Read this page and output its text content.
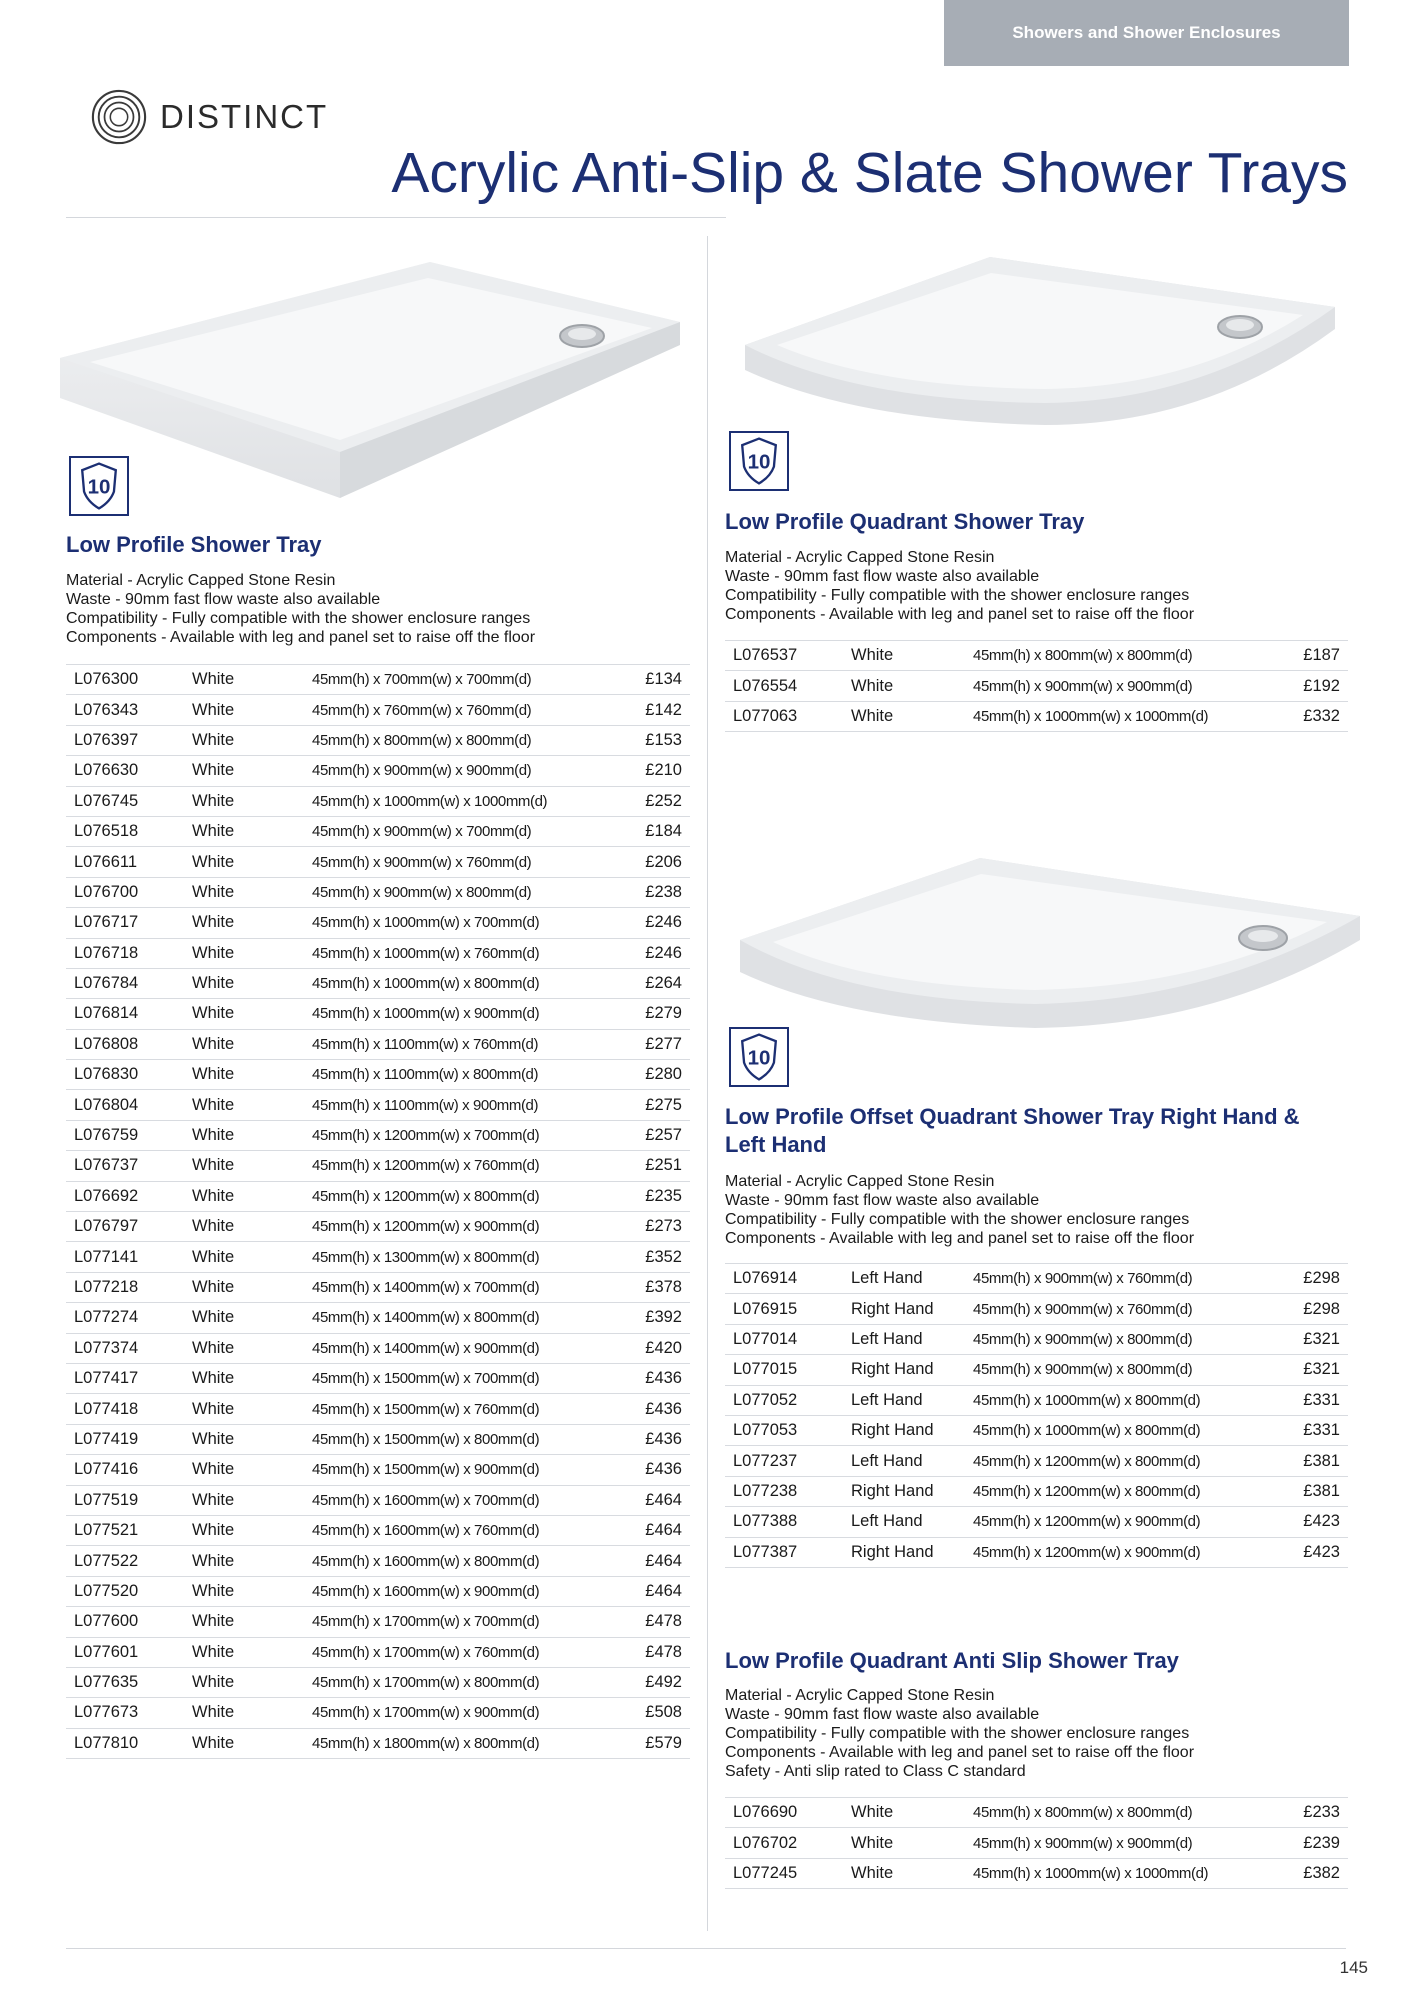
Showers and Shower Enclosures
DISTINCT
Acrylic Anti-Slip & Slate Shower Trays
10
Low Profile Shower Tray
Material - Acrylic Capped Stone Resin
Waste - 90mm fast flow waste also available
Compatibility - Fully compatible with the shower enclosure ranges
Components - Available with leg and panel set to raise off the floor
L076300	White	45mm(h) x 700mm(w) x 700mm(d)	£134
L076343	White	45mm(h) x 760mm(w) x 760mm(d)	£142
L076397	White	45mm(h) x 800mm(w) x 800mm(d)	£153
L076630	White	45mm(h) x 900mm(w) x 900mm(d)	£210
L076745	White	45mm(h) x 1000mm(w) x 1000mm(d)	£252
L076518	White	45mm(h) x 900mm(w) x 700mm(d)	£184
L076611	White	45mm(h) x 900mm(w) x 760mm(d)	£206
L076700	White	45mm(h) x 900mm(w) x 800mm(d)	£238
L076717	White	45mm(h) x 1000mm(w) x 700mm(d)	£246
L076718	White	45mm(h) x 1000mm(w) x 760mm(d)	£246
L076784	White	45mm(h) x 1000mm(w) x 800mm(d)	£264
L076814	White	45mm(h) x 1000mm(w) x 900mm(d)	£279
L076808	White	45mm(h) x 1100mm(w) x 760mm(d)	£277
L076830	White	45mm(h) x 1100mm(w) x 800mm(d)	£280
L076804	White	45mm(h) x 1100mm(w) x 900mm(d)	£275
L076759	White	45mm(h) x 1200mm(w) x 700mm(d)	£257
L076737	White	45mm(h) x 1200mm(w) x 760mm(d)	£251
L076692	White	45mm(h) x 1200mm(w) x 800mm(d)	£235
L076797	White	45mm(h) x 1200mm(w) x 900mm(d)	£273
L077141	White	45mm(h) x 1300mm(w) x 800mm(d)	£352
L077218	White	45mm(h) x 1400mm(w) x 700mm(d)	£378
L077274	White	45mm(h) x 1400mm(w) x 800mm(d)	£392
L077374	White	45mm(h) x 1400mm(w) x 900mm(d)	£420
L077417	White	45mm(h) x 1500mm(w) x 700mm(d)	£436
L077418	White	45mm(h) x 1500mm(w) x 760mm(d)	£436
L077419	White	45mm(h) x 1500mm(w) x 800mm(d)	£436
L077416	White	45mm(h) x 1500mm(w) x 900mm(d)	£436
L077519	White	45mm(h) x 1600mm(w) x 700mm(d)	£464
L077521	White	45mm(h) x 1600mm(w) x 760mm(d)	£464
L077522	White	45mm(h) x 1600mm(w) x 800mm(d)	£464
L077520	White	45mm(h) x 1600mm(w) x 900mm(d)	£464
L077600	White	45mm(h) x 1700mm(w) x 700mm(d)	£478
L077601	White	45mm(h) x 1700mm(w) x 760mm(d)	£478
L077635	White	45mm(h) x 1700mm(w) x 800mm(d)	£492
L077673	White	45mm(h) x 1700mm(w) x 900mm(d)	£508
L077810	White	45mm(h) x 1800mm(w) x 800mm(d)	£579
10
Low Profile Quadrant Shower Tray
Material - Acrylic Capped Stone Resin
Waste - 90mm fast flow waste also available
Compatibility - Fully compatible with the shower enclosure ranges
Components - Available with leg and panel set to raise off the floor
L076537	White	45mm(h) x 800mm(w) x 800mm(d)	£187
L076554	White	45mm(h) x 900mm(w) x 900mm(d)	£192
L077063	White	45mm(h) x 1000mm(w) x 1000mm(d)	£332
10
Low Profile Offset Quadrant Shower Tray Right Hand & Left Hand
Material - Acrylic Capped Stone Resin
Waste - 90mm fast flow waste also available
Compatibility - Fully compatible with the shower enclosure ranges
Components - Available with leg and panel set to raise off the floor
L076914	Left Hand	45mm(h) x 900mm(w) x 760mm(d)	£298
L076915	Right Hand	45mm(h) x 900mm(w) x 760mm(d)	£298
L077014	Left Hand	45mm(h) x 900mm(w) x 800mm(d)	£321
L077015	Right Hand	45mm(h) x 900mm(w) x 800mm(d)	£321
L077052	Left Hand	45mm(h) x 1000mm(w) x 800mm(d)	£331
L077053	Right Hand	45mm(h) x 1000mm(w) x 800mm(d)	£331
L077237	Left Hand	45mm(h) x 1200mm(w) x 800mm(d)	£381
L077238	Right Hand	45mm(h) x 1200mm(w) x 800mm(d)	£381
L077388	Left Hand	45mm(h) x 1200mm(w) x 900mm(d)	£423
L077387	Right Hand	45mm(h) x 1200mm(w) x 900mm(d)	£423
Low Profile Quadrant Anti Slip Shower Tray
Material - Acrylic Capped Stone Resin
Waste - 90mm fast flow waste also available
Compatibility - Fully compatible with the shower enclosure ranges
Components - Available with leg and panel set to raise off the floor
Safety - Anti slip rated to Class C standard
L076690	White	45mm(h) x 800mm(w) x 800mm(d)	£233
L076702	White	45mm(h) x 900mm(w) x 900mm(d)	£239
L077245	White	45mm(h) x 1000mm(w) x 1000mm(d)	£382
145
